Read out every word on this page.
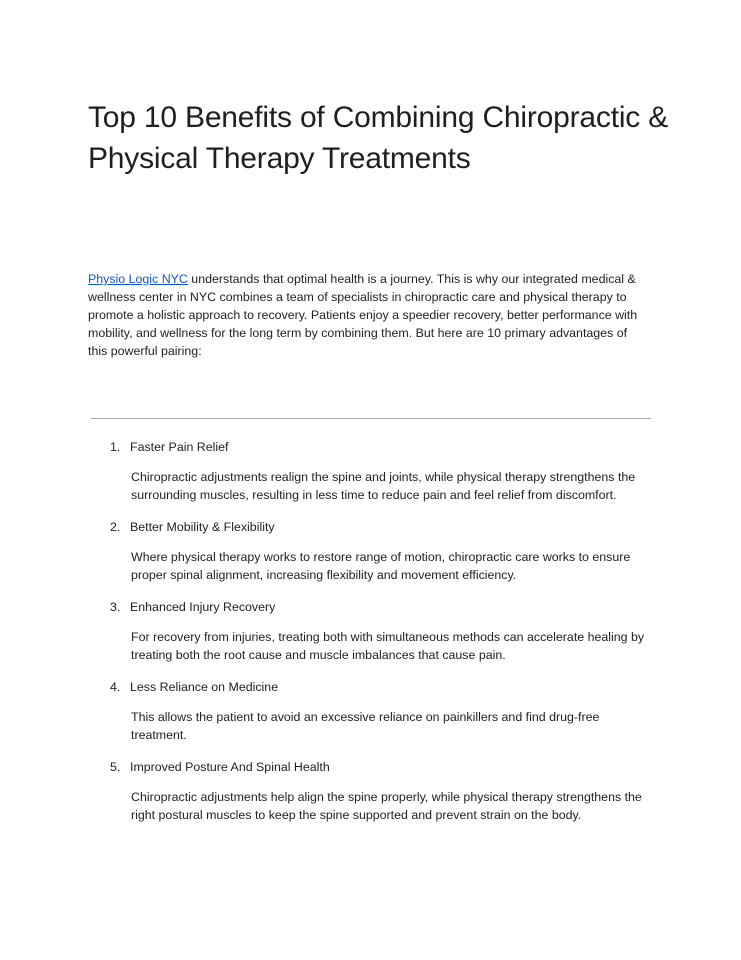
Top 10 Benefits of Combining Chiropractic & Physical Therapy Treatments

Physio Logic NYC understands that optimal health is a journey. This is why our integrated medical & wellness center in NYC combines a team of specialists in chiropractic care and physical therapy to promote a holistic approach to recovery. Patients enjoy a speedier recovery, better performance with mobility, and wellness for the long term by combining them. But here are 10 primary advantages of this powerful pairing:

1. Faster Pain Relief

Chiropractic adjustments realign the spine and joints, while physical therapy strengthens the surrounding muscles, resulting in less time to reduce pain and feel relief from discomfort.

2. Better Mobility & Flexibility

Where physical therapy works to restore range of motion, chiropractic care works to ensure proper spinal alignment, increasing flexibility and movement efficiency.

3. Enhanced Injury Recovery

For recovery from injuries, treating both with simultaneous methods can accelerate healing by treating both the root cause and muscle imbalances that cause pain.

4. Less Reliance on Medicine

This allows the patient to avoid an excessive reliance on painkillers and find drug-free treatment.

5. Improved Posture And Spinal Health

Chiropractic adjustments help align the spine properly, while physical therapy strengthens the right postural muscles to keep the spine supported and prevent strain on the body.
